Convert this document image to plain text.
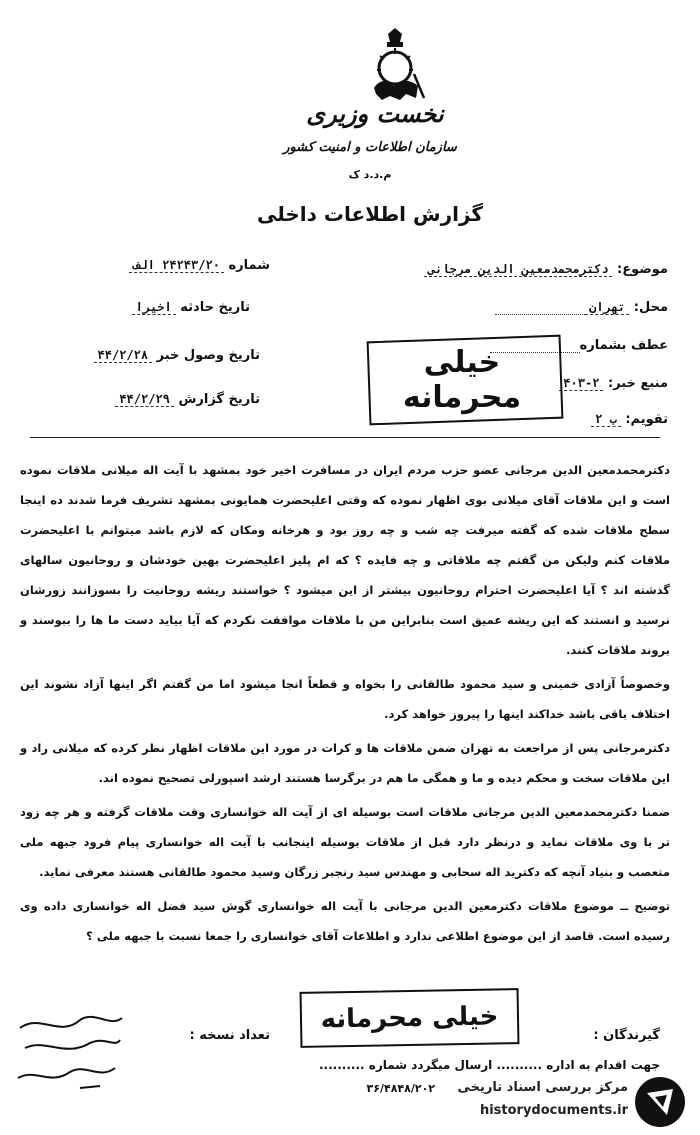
نخست وزیری
سازمان اطلاعات و امنیت کشور
م.د.د ک
گزارش اطلاعات داخلی
موضوع: دکترمحمدمعین الدین مرجانی
محل: تهران
عطف بشماره
منبع خبر: ۲-۴۰۳
تقویم: ب ۲
شماره ۲۴۲۴۳/۲۰ الف
تاریخ حادثه اخیرا
تاریخ وصول خبر ۴۴/۲/۲۸
تاریخ گزارش ۴۴/۲/۲۹
خیلی محرمانه

دکترمحمدمعین الدین مرجانی عضو حزب مردم ایران در مسافرت اخیر خود بمشهد با آیت اله میلانی ملاقات نموده است و این ملاقات آقای میلانی بوی اظهار نموده که وقتی اعلیحضرت همایونی بمشهد تشریف فرما شدند ده اینجا سطح ملاقات شده که گفته میرفت چه شب و چه روز بود و هرخانه ومکان که لازم باشد میتوانم با اعلیحضرت ملاقات کنم ولیکن من گفتم چه ملاقاتی و چه فایده ؟ که ام پلیز اعلیحضرت بهین خودشان و روحانیون سالهای گذشته اند ؟ آیا اعلیحضرت احترام روحانیون بیشتر از این میشود ؟ خواستند ریشه روحانیت را بسوزانند زورشان نرسید و انستند که این ریشه عمیق است بنابراین من با ملاقات موافقت نکردم که آیا بیاید دست ما ها را ببوسند و بروند ملاقات کنند.

وخصوصاً آزادی خمینی و سید محمود طالقانی را بخواه و قطعاً انجا میشود اما من گفتم اگر اینها آزاد نشوند این اختلاف باقی باشد خداکند اینها را پیروز خواهد کرد.

دکترمرجانی پس از مراجعت به تهران ضمن ملاقات ها و کرات در مورد این ملاقات اظهار نظر کرده که میلانی راد و این ملاقات سخت و محکم دیده و ما و همگی ما هم در برگرسا هستند ارشد اسپورلی تصحیح نموده اند.

ضمنا دکترمحمدمعین الدین مرجانی ملاقات است بوسیله ای از آیت اله خوانساری وقت ملاقات گرفته و هر چه زود تر با وی ملاقات نماید و درنظر دارد قبل از ملاقات بوسیله اینجانب با آیت اله خوانساری پیام فرود جبهه ملی متعصب و بنیاد آنچه که دکترید اله سحابی و مهندس سید رنجبر زرگان وسید محمود طالقانی هستند معرفی نماید.

توضیح ــ موضوع ملاقات دکترمعین الدین مرجانی با آیت اله خوانساری گوش سید فضل اله خوانساری داده وی رسیده است. قاصد از این موضوع اطلاعی ندارد و اطلاعات آقای خوانساری را جمعا نسبت با جبهه ملی ؟

خیلی محرمانه
تعداد نسخه :	گیرندگان :
جهت اقدام به اداره .......... ارسال میگردد شماره ..........
۳۶/۴۸۴۸/۲۰۲ مرکز بررسی اسناد تاریخی
historydocuments.ir
